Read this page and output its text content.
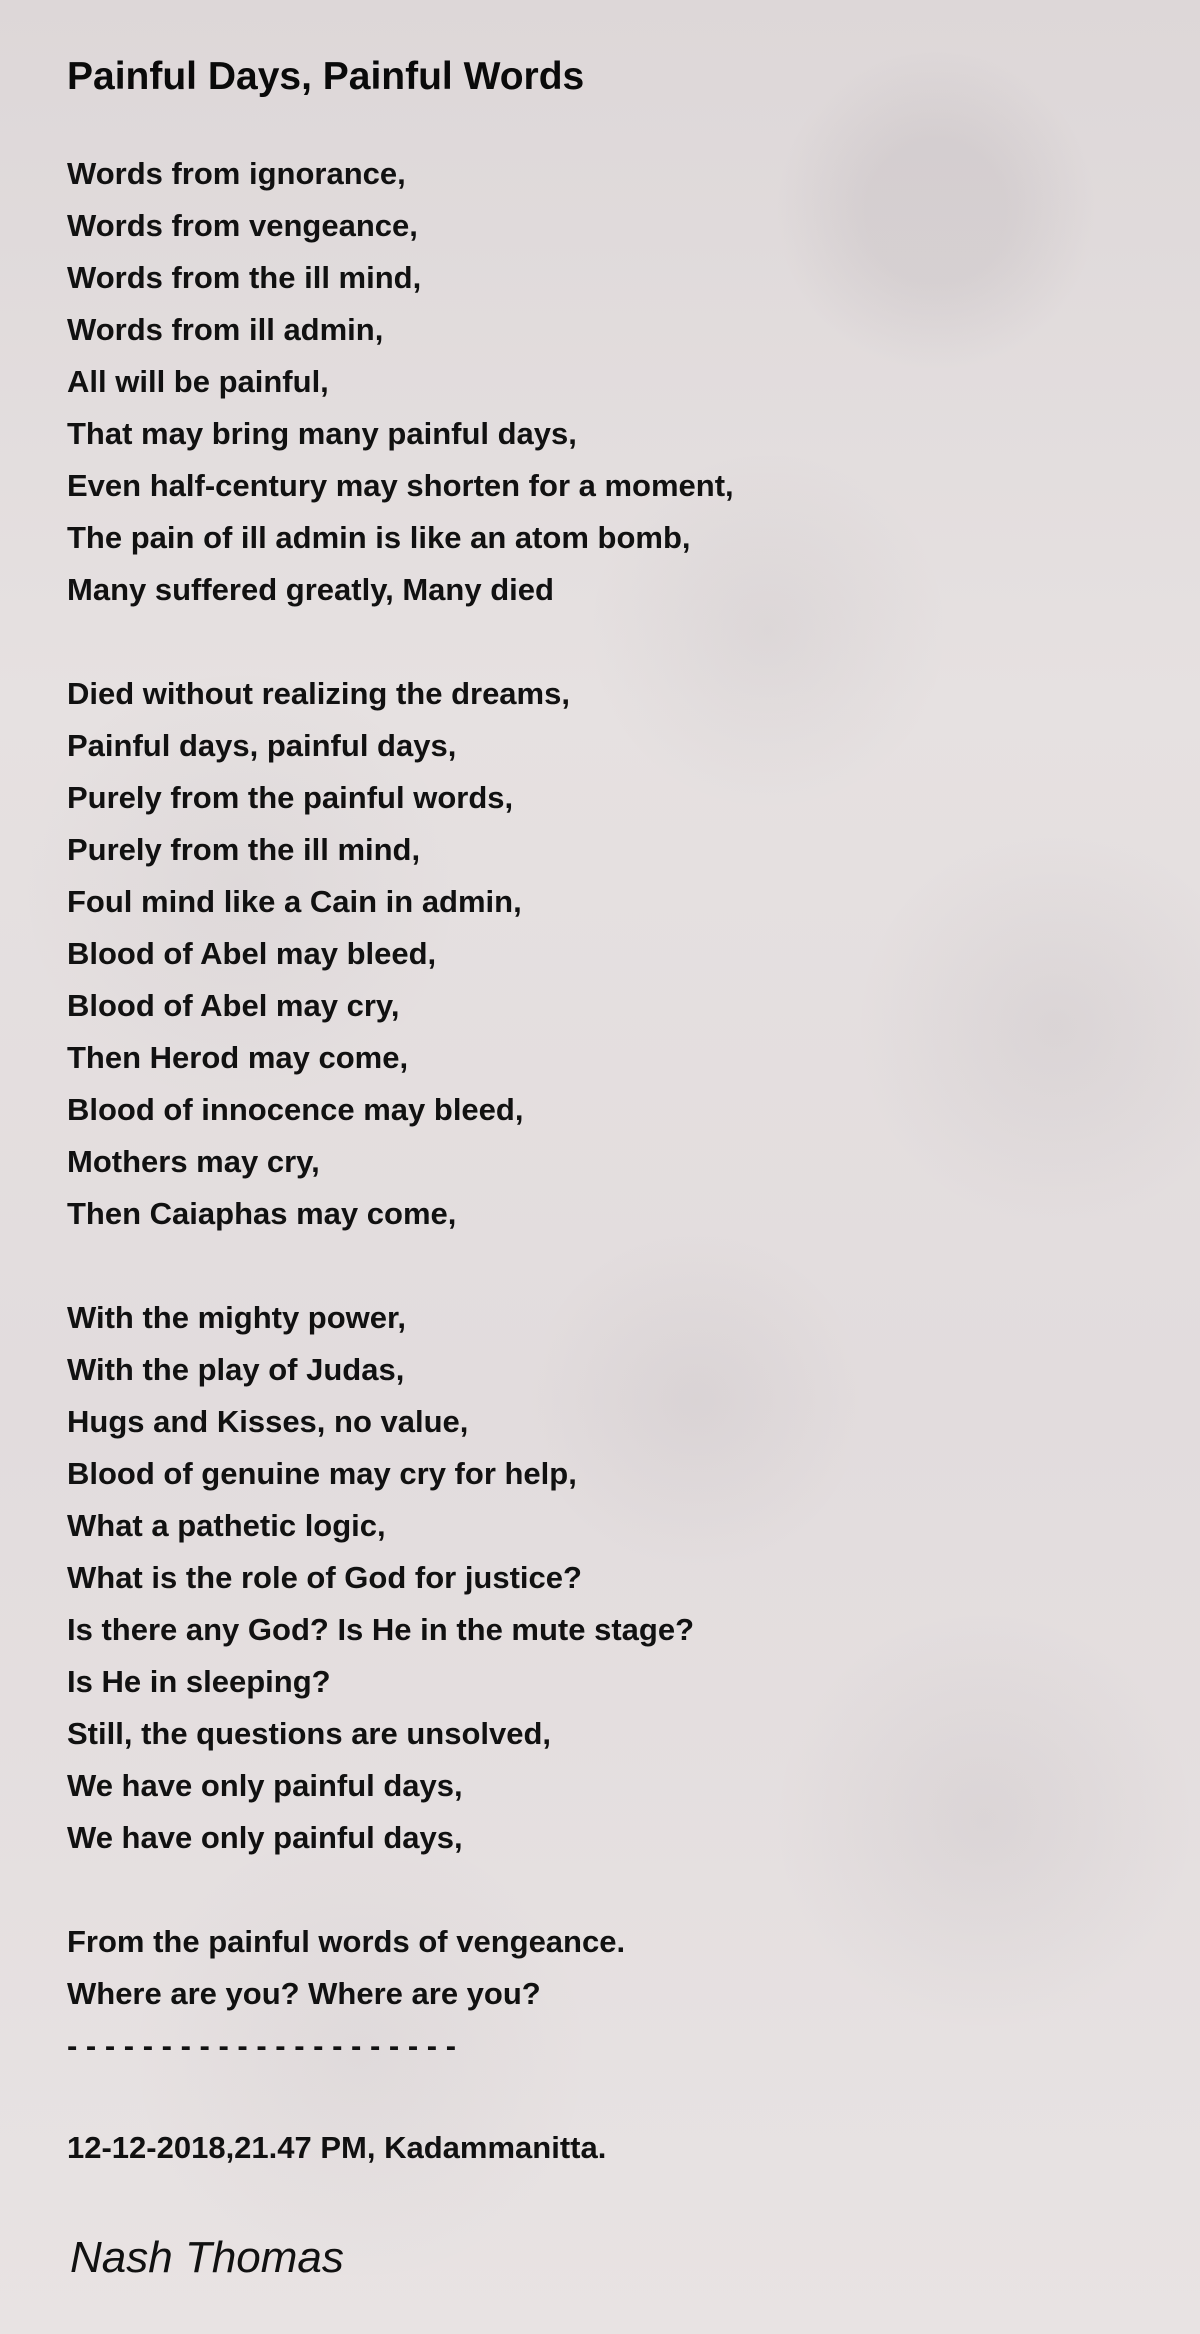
Painful Days, Painful Words
Words from ignorance,
Words from vengeance,
Words from the ill mind,
Words from ill admin,
All will be painful,
That may bring many painful days,
Even half-century may shorten for a moment,
The pain of ill admin is like an atom bomb,
Many suffered greatly, Many died
Died without realizing the dreams,
Painful days, painful days,
Purely from the painful words,
Purely from the ill mind,
Foul mind like a Cain in admin,
Blood of Abel may bleed,
Blood of Abel may cry,
Then Herod may come,
Blood of innocence may bleed,
Mothers may cry,
Then Caiaphas may come,
With the mighty power,
With the play of Judas,
Hugs and Kisses, no value,
Blood of genuine may cry for help,
What a pathetic logic,
What is the role of God for justice?
Is there any God? Is He in the mute stage?
Is He in sleeping?
Still, the questions are unsolved,
We have only painful days,
We have only painful days,
From the painful words of vengeance.
Where are you? Where are you?
- - - - - - - - - - - - - - - - - - - - -
12-12-2018,21.47 PM, Kadammanitta.
Nash Thomas
